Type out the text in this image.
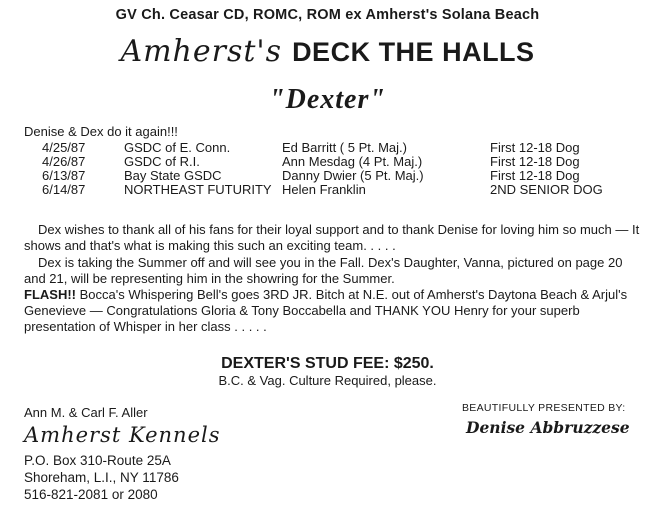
GV Ch. Ceasar CD, ROMC, ROM ex Amherst's Solana Beach
Amherst's DECK THE HALLS
"Dexter"
Denise & Dex do it again!!!
4/25/87	GSDC of E. Conn.	Ed Barritt ( 5 Pt. Maj.)	First 12-18 Dog
4/26/87	GSDC of R.I.	Ann Mesdag (4 Pt. Maj.)	First 12-18 Dog
6/13/87	Bay State GSDC	Danny Dwier (5 Pt. Maj.)	First 12-18 Dog
6/14/87	NORTHEAST FUTURITY	Helen Franklin	2ND SENIOR DOG
Dex wishes to thank all of his fans for their loyal support and to thank Denise for loving him so much — It shows and that's what is making this such an exciting team. . . . .
Dex is taking the Summer off and will see you in the Fall. Dex's Daughter, Vanna, pictured on page 20 and 21, will be representing him in the showring for the Summer.
FLASH!! Bocca's Whispering Bell's goes 3RD JR. Bitch at N.E. out of Amherst's Daytona Beach & Arjul's Genevieve — Congratulations Gloria & Tony Boccabella and THANK YOU Henry for your superb presentation of Whisper in her class . . . . .
DEXTER'S STUD FEE: $250.
B.C. & Vag. Culture Required, please.
Ann M. & Carl F. Aller
Amherst Kennels
P.O. Box 310-Route 25A
Shoreham, L.I., NY 11786
516-821-2081 or 2080
BEAUTIFULLY PRESENTED BY:
Denise Abbruzzese
